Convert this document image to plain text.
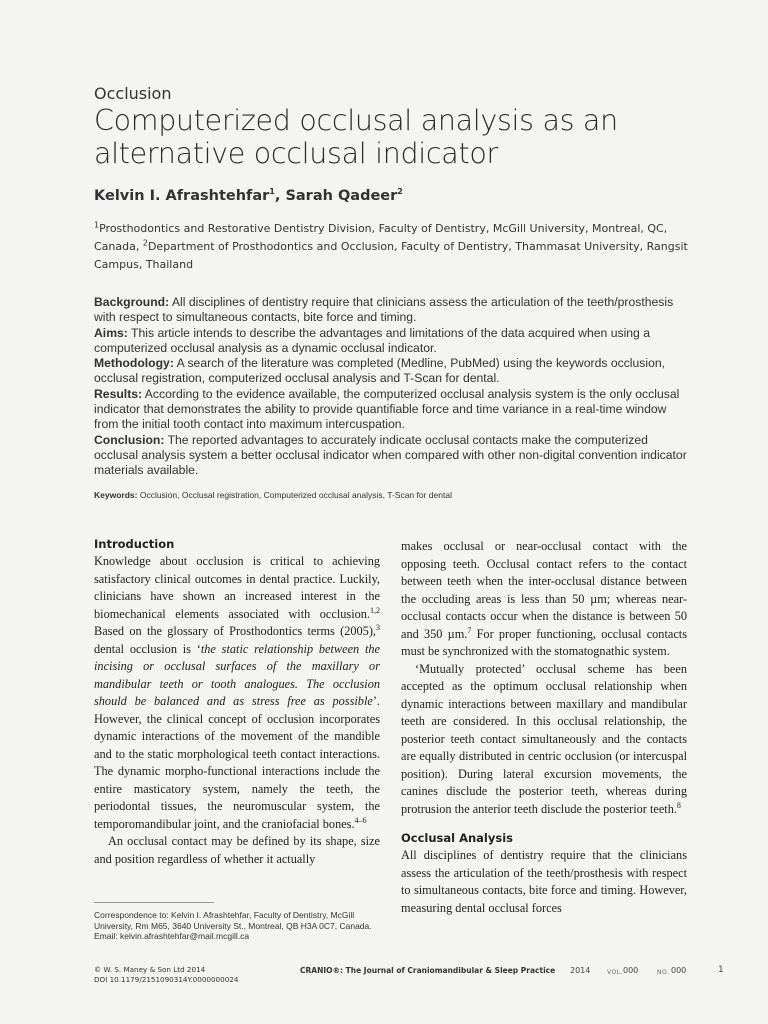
Occlusion
Computerized occlusal analysis as an alternative occlusal indicator
Kelvin I. Afrashtehfar$^1$, Sarah Qadeer$^2$
$^1$Prosthodontics and Restorative Dentistry Division, Faculty of Dentistry, McGill University, Montreal, QC, Canada, $^2$Department of Prosthodontics and Occlusion, Faculty of Dentistry, Thammasat University, Rangsit Campus, Thailand

Background: All disciplines of dentistry require that clinicians assess the articulation of the teeth/prosthesis with respect to simultaneous contacts, bite force and timing.

Aims: This article intends to describe the advantages and limitations of the data acquired when using a computerized occlusal analysis as a dynamic occlusal indicator.

Methodology: A search of the literature was completed (Medline, PubMed) using the keywords occlusion, occlusal registration, computerized occlusal analysis and T-Scan for dental.

Results: According to the evidence available, the computerized occlusal analysis system is the only occlusal indicator that demonstrates the ability to provide quantifiable force and time variance in a real-time window from the initial tooth contact into maximum intercuspation.

Conclusion: The reported advantages to accurately indicate occlusal contacts make the computerized occlusal analysis system a better occlusal indicator when compared with other non-digital convention indicator materials available.

Keywords: Occlusion, Occlusal registration, Computerized occlusal analysis, T-Scan for dental
Introduction

Knowledge about occlusion is critical to achieving satisfactory clinical outcomes in dental practice. Luckily, clinicians have shown an increased interest in the biomechanical elements associated with occlusion.$^{1,2}$ Based on the glossary of Prosthodontics terms (2005),$^3$ dental occlusion is ‘the static relationship between the incising or occlusal surfaces of the maxillary or mandibular teeth or tooth analogues. The occlusion should be balanced and as stress free as possible’. However, the clinical concept of occlusion incorporates dynamic interactions of the movement of the mandible and to the static morphological teeth contact interactions. The dynamic morpho-functional interactions include the entire masticatory system, namely the teeth, the periodontal tissues, the neuromuscular system, the temporomandibular joint, and the craniofacial bones.$^{4-6}$

An occlusal contact may be defined by its shape, size and position regardless of whether it actually

makes occlusal or near-occlusal contact with the opposing teeth. Occlusal contact refers to the contact between teeth when the inter-occlusal distance between the occluding areas is less than 50 µm; whereas near-occlusal contacts occur when the distance is between 50 and 350 µm.$^7$ For proper functioning, occlusal contacts must be synchronized with the stomatognathic system.

‘Mutually protected’ occlusal scheme has been accepted as the optimum occlusal relationship when dynamic interactions between maxillary and mandibular teeth are considered. In this occlusal relationship, the posterior teeth contact simultaneously and the contacts are equally distributed in centric occlusion (or intercuspal position). During lateral excursion movements, the canines disclude the posterior teeth, whereas during protrusion the anterior teeth disclude the posterior teeth.$^8$

Occlusal Analysis

All disciplines of dentistry require that the clinicians assess the articulation of the teeth/prosthesis with respect to simultaneous contacts, bite force and timing. However, measuring dental occlusal forces

Correspondence to: Kelvin I. Afrashtehfar, Faculty of Dentistry, McGill University, Rm M65, 3640 University St., Montreal, QB H3A 0C7, Canada. Email: kelvin.afrashtehfar@mail.mcgill.ca
© W. S. Maney & Son Ltd 2014
DOI 10.1179/2151090314Y.0000000024
CRANIO®: The Journal of Craniomandibular & Sleep Practice 2014	VOL. 000	NO. 000	1
